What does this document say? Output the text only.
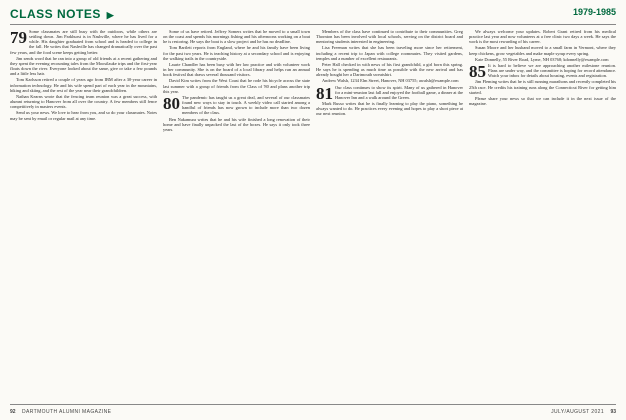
CLASS NOTES ▶	1979-1985

79 Some classmates are still busy with the outdoors, while others are settling down. Jim Parkhurst is in Nashville, where he has lived for a while. His daughter graduated from school and is headed to college in the fall. He writes that Nashville has changed dramatically over the past few years, and the food scene keeps getting better.

Jim sends word that he ran into a group of old friends at a recent gathering and they spent the evening recounting tales from the Moosilauke trips and the first-year floats down the river. Everyone looked about the same, give or take a few pounds and a little less hair.

Tom Karlsson retired a couple of years ago from IBM after a 30-year career in information technology. He and his wife spend part of each year in the mountains, hiking and skiing, and the rest of the year near their grandchildren.

Nathan Kearns wrote that the fencing team reunion was a great success, with alumni returning to Hanover from all over the country. A few members still fence competitively in masters events.

Send us your news. We love to hear from you, and so do your classmates. Notes may be sent by email or regular mail at any time.

Some of us have retired. Jeffrey Somers writes that he moved to a small town on the coast and spends his mornings fishing and his afternoons working on a boat he is restoring. He says the boat is a slow project and he has no deadline.

Tom Bartlett reports from England, where he and his family have been living for the past two years. He is teaching history at a secondary school and is enjoying the walking trails in the countryside.

Laurie Chandler has been busy with her law practice and with volunteer work in her community. She is on the board of a local library and helps run an annual book festival that draws several thousand visitors.

David Kim writes from the West Coast that he rode his bicycle across the state last summer with a group of friends from the Class of '80 and plans another trip this year.

80 The pandemic has taught us a great deal, and several of our classmates found new ways to stay in touch. A weekly video call started among a handful of friends has now grown to include more than two dozen members of the class.

Ben Nakamura writes that he and his wife finished a long renovation of their home and have finally unpacked the last of the boxes. He says it only took three years.

Members of the class have continued to contribute to their communities. Greg Thornton has been involved with local schools, serving on the district board and mentoring students interested in engineering.

Lisa Freeman writes that she has been traveling more since her retirement, including a recent trip to Japan with college roommates. They visited gardens, temples and a number of excellent restaurants.

Peter Hall checked in with news of his first grandchild, a girl born this spring. He says he is spending as much time as possible with the new arrival and has already bought her a Dartmouth sweatshirt.

Andrew Walsh, 1234 Elm Street, Hanover, NH 03755; awalsh@example.com

81 Our class continues to show its spirit. Many of us gathered in Hanover for a mini-reunion last fall and enjoyed the football game, a dinner at the Hanover Inn and a walk around the Green.

Mark Russo writes that he is finally learning to play the piano, something he always wanted to do. He practices every evening and hopes to play a short piece at our next reunion.

We always welcome your updates. Robert Grant retired from his medical practice last year and now volunteers at a free clinic two days a week. He says the work is the most rewarding of his career.

Susan Moore and her husband moved to a small farm in Vermont, where they keep chickens, grow vegetables and make maple syrup every spring.

Kate Donnelly, 55 River Road, Lyme, NH 03768; kdonnelly@example.com

85 It is hard to believe we are approaching another milestone reunion. Plans are under way, and the committee is hoping for record attendance. Watch your inbox for details about housing, events and registration.

Jim Fleming writes that he is still running marathons and recently completed his 25th race. He credits his training runs along the Connecticut River for getting him started.

Please share your news so that we can include it in the next issue of the magazine.

92 DARTMOUTH ALUMNI MAGAZINE	JULY/AUGUST 2021 93
